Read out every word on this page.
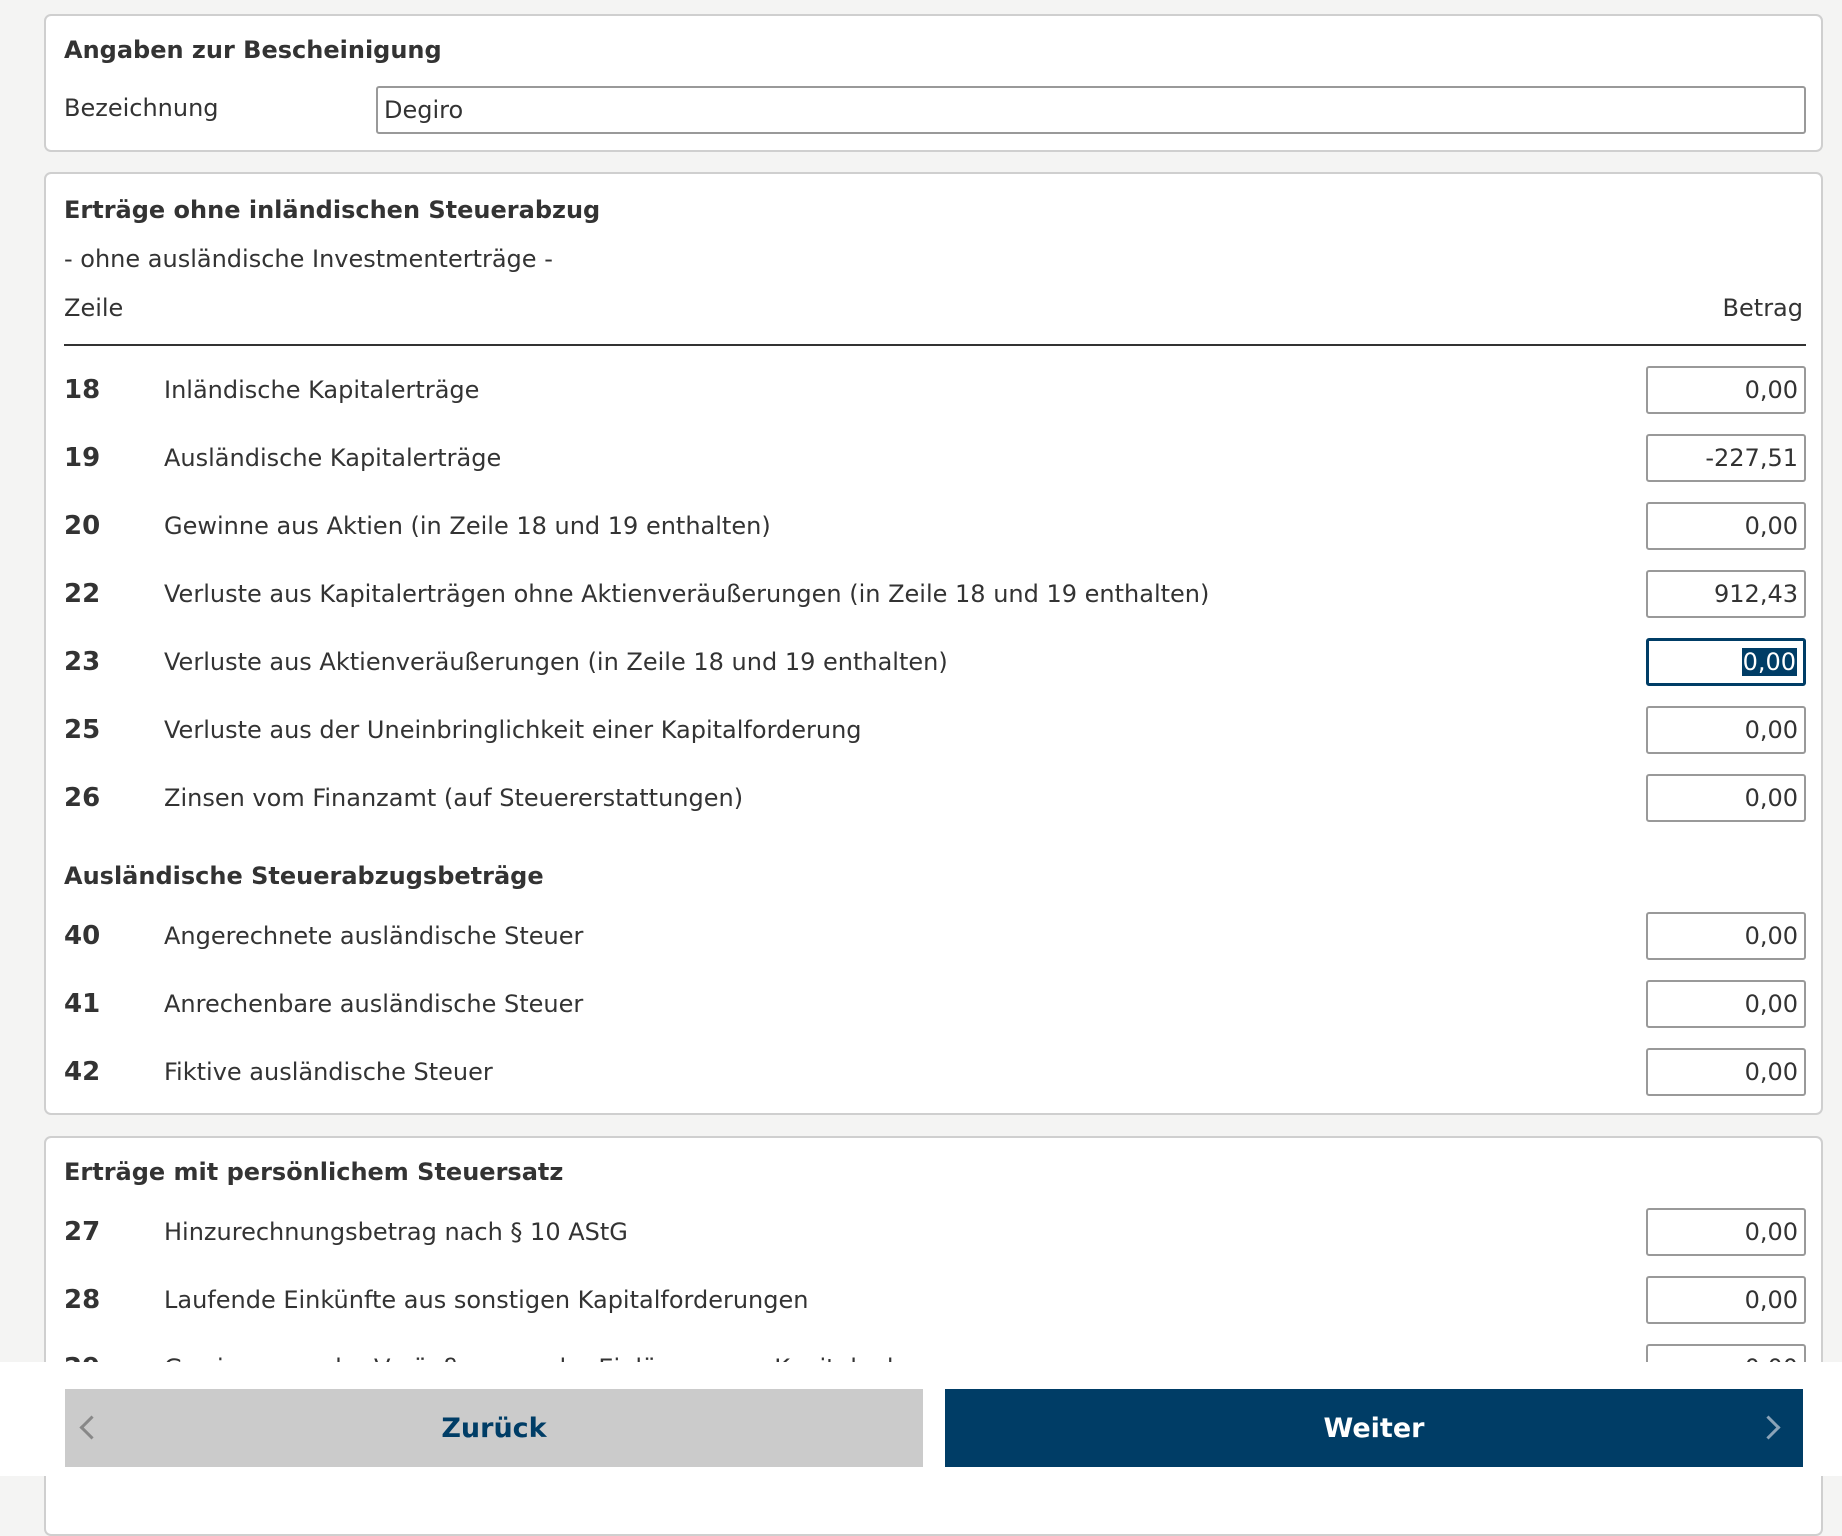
Angaben zur Bescheinigung
Bezeichnung
Degiro
Erträge ohne inländischen Steuerabzug
- ohne ausländische Investmenterträge -
Zeile	Betrag
18	Inländische Kapitalerträge	0,00
19	Ausländische Kapitalerträge	-227,51
20	Gewinne aus Aktien (in Zeile 18 und 19 enthalten)	0,00
22	Verluste aus Kapitalerträgen ohne Aktienveräußerungen (in Zeile 18 und 19 enthalten)	912,43
23	Verluste aus Aktienveräußerungen (in Zeile 18 und 19 enthalten)	0,00
25	Verluste aus der Uneinbringlichkeit einer Kapitalforderung	0,00
26	Zinsen vom Finanzamt (auf Steuererstattungen)	0,00
Ausländische Steuerabzugsbeträge
40	Angerechnete ausländische Steuer	0,00
41	Anrechenbare ausländische Steuer	0,00
42	Fiktive ausländische Steuer	0,00
Erträge mit persönlichem Steuersatz
27	Hinzurechnungsbetrag nach § 10 AStG	0,00
28	Laufende Einkünfte aus sonstigen Kapitalforderungen	0,00
Zurück	Weiter
